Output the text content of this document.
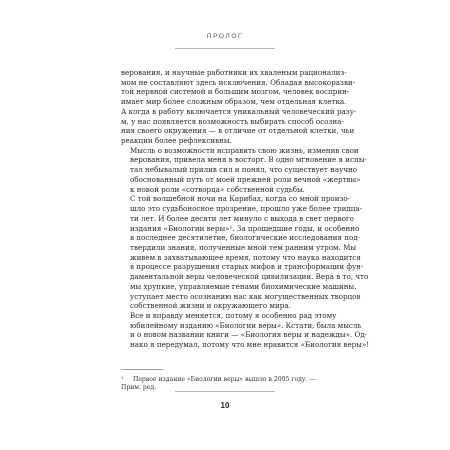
ПРОЛОГ

верования, и научные работники их хваленым рационализ-
мом не составляют здесь исключения. Обладая высокоразви-
той нервной системой и большим мозгом, человек восприн-
имает мир более сложным образом, чем отдельная клетка.
А когда в работу включается уникальный человеческий разу-
м, у нас появляется возможность выбирать способ осозна-
ния своего окружения — в отличие от отдельной клетки, чьи
реакции более рефлексивны.

Мысль о возможности исправить свою жизнь, изменив свои
верования, привела меня в восторг. В одно мгновение я испы-
тал небывалый прилив сил и понял, что существует научно
обоснованный путь от моей прежней роли вечной «жертвы»
к новой роли «сотворца» собственной судьбы.

С той волшебной ночи на Карибах, когда со мной произо-
шло это судьбоносное прозрение, прошло уже более тридца-
ти лет. И более десяти лет минуло с выхода в свет первого
издания «Биологии веры»¹. За прошедшие годы, и особенно
в последнее десятилетие, биологические исследования под-
твердили знания, полученные мной тем ранним утром. Мы
живем в захватывающее время, потому что наука находится
в процессе разрушения старых мифов и трансформации фун-
даментальной веры человеческой цивилизации. Вера в то, что
мы хрупкие, управляемые генами биохимические машины,
уступает место осознанию нас как могущественных творцов
собственной жизни и окружающего мира.

Все и вправду меняется, потому я особенно рад этому
юбилейному изданию «Биологии веры». Кстати, была мысль
и о новом названии книги — «Биология веры и надежды». Од-
нако я передумал, потому что мне нравится «Биология веры»!

¹ Первое издание «Биологии веры» вышло в 2005 году. — Прим. ред.
10
